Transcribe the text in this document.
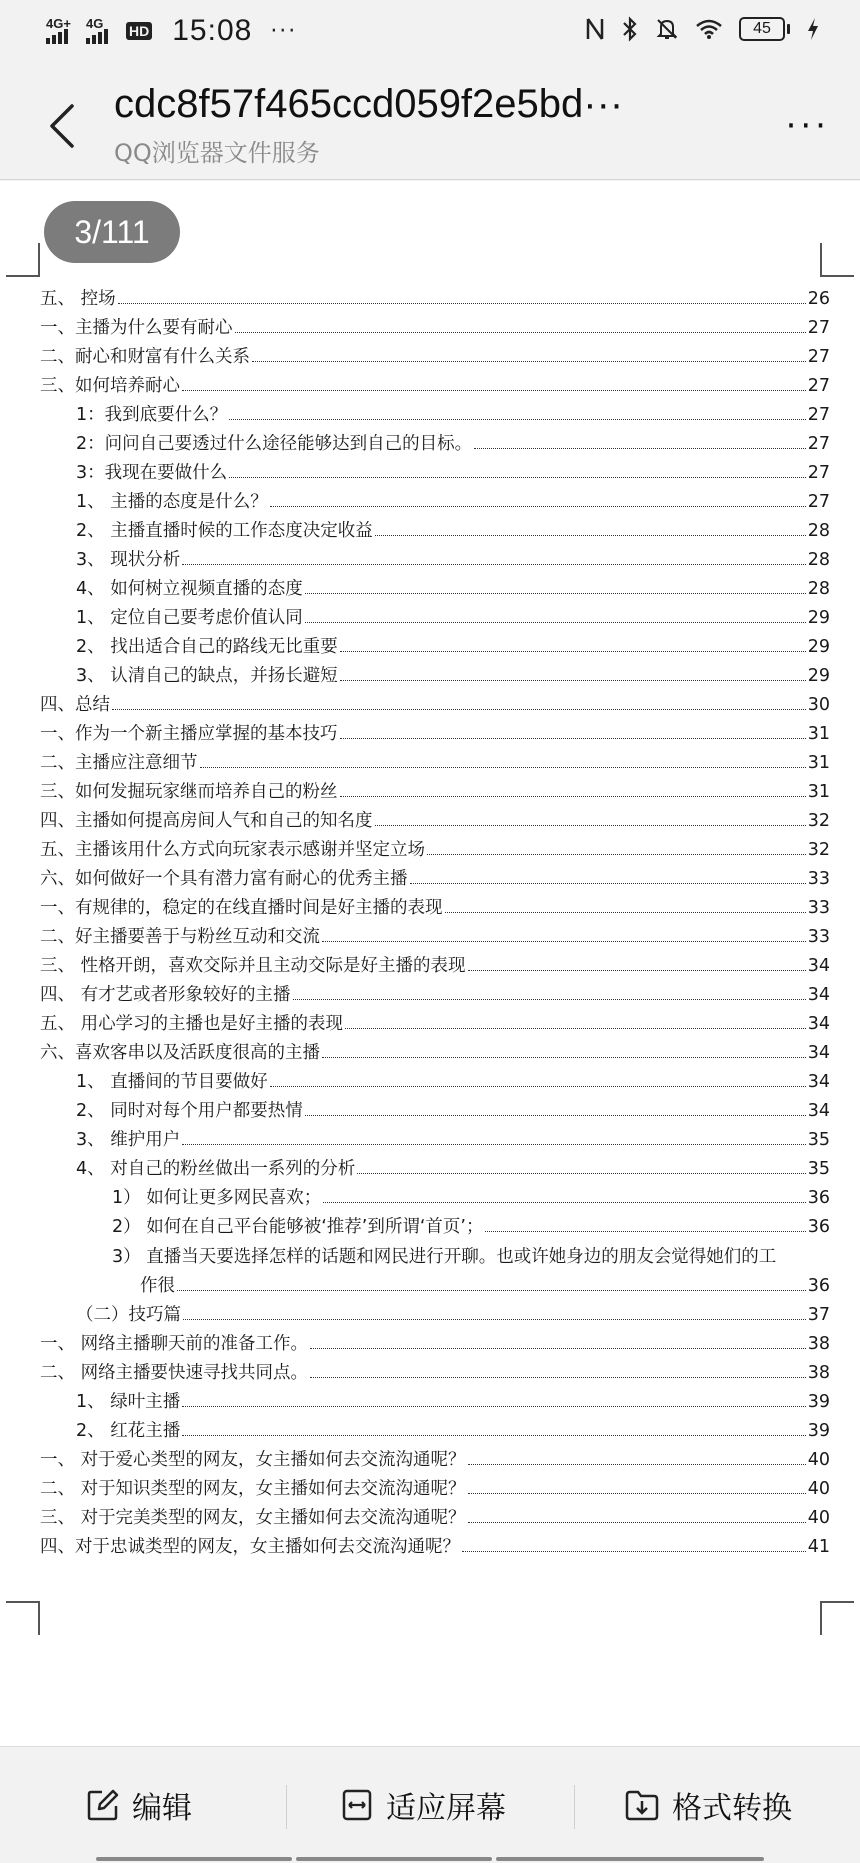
4G+ 4G HD 15:08 ···	45
cdc8f57f465ccd059f2e5bd···
QQ浏览器文件服务
···
3/111
五、 控场	26
一、主播为什么要有耐心	27
二、耐心和财富有什么关系	27
三、如何培养耐心	27
1：我到底要什么？	27
2：问问自己要透过什么途径能够达到自己的目标。	27
3：我现在要做什么	27
1、 主播的态度是什么？	27
2、 主播直播时候的工作态度决定收益	28
3、 现状分析	28
4、 如何树立视频直播的态度	28
1、 定位自己要考虑价值认同	29
2、 找出适合自己的路线无比重要	29
3、 认清自己的缺点，并扬长避短	29
四、总结	30
一、作为一个新主播应掌握的基本技巧	31
二、主播应注意细节	31
三、如何发掘玩家继而培养自己的粉丝	31
四、主播如何提高房间人气和自己的知名度	32
五、主播该用什么方式向玩家表示感谢并坚定立场	32
六、如何做好一个具有潜力富有耐心的优秀主播	33
一、有规律的，稳定的在线直播时间是好主播的表现	33
二、好主播要善于与粉丝互动和交流	33
三、 性格开朗，喜欢交际并且主动交际是好主播的表现	34
四、 有才艺或者形象较好的主播	34
五、 用心学习的主播也是好主播的表现	34
六、喜欢客串以及活跃度很高的主播	34
1、 直播间的节目要做好	34
2、 同时对每个用户都要热情	34
3、 维护用户	35
4、 对自己的粉丝做出一系列的分析	35
1） 如何让更多网民喜欢；	36
2） 如何在自己平台能够被‘推荐’到所谓‘首页’；	36
3） 直播当天要选择怎样的话题和网民进行开聊。也或许她身边的朋友会觉得她们的工
作很	36
（二）技巧篇	37
一、 网络主播聊天前的准备工作。	38
二、 网络主播要快速寻找共同点。	38
1、 绿叶主播	39
2、 红花主播	39
一、 对于爱心类型的网友，女主播如何去交流沟通呢？	40
二、 对于知识类型的网友，女主播如何去交流沟通呢？	40
三、 对于完美类型的网友，女主播如何去交流沟通呢？	40
四、对于忠诚类型的网友，女主播如何去交流沟通呢？	41
编辑	适应屏幕	格式转换
